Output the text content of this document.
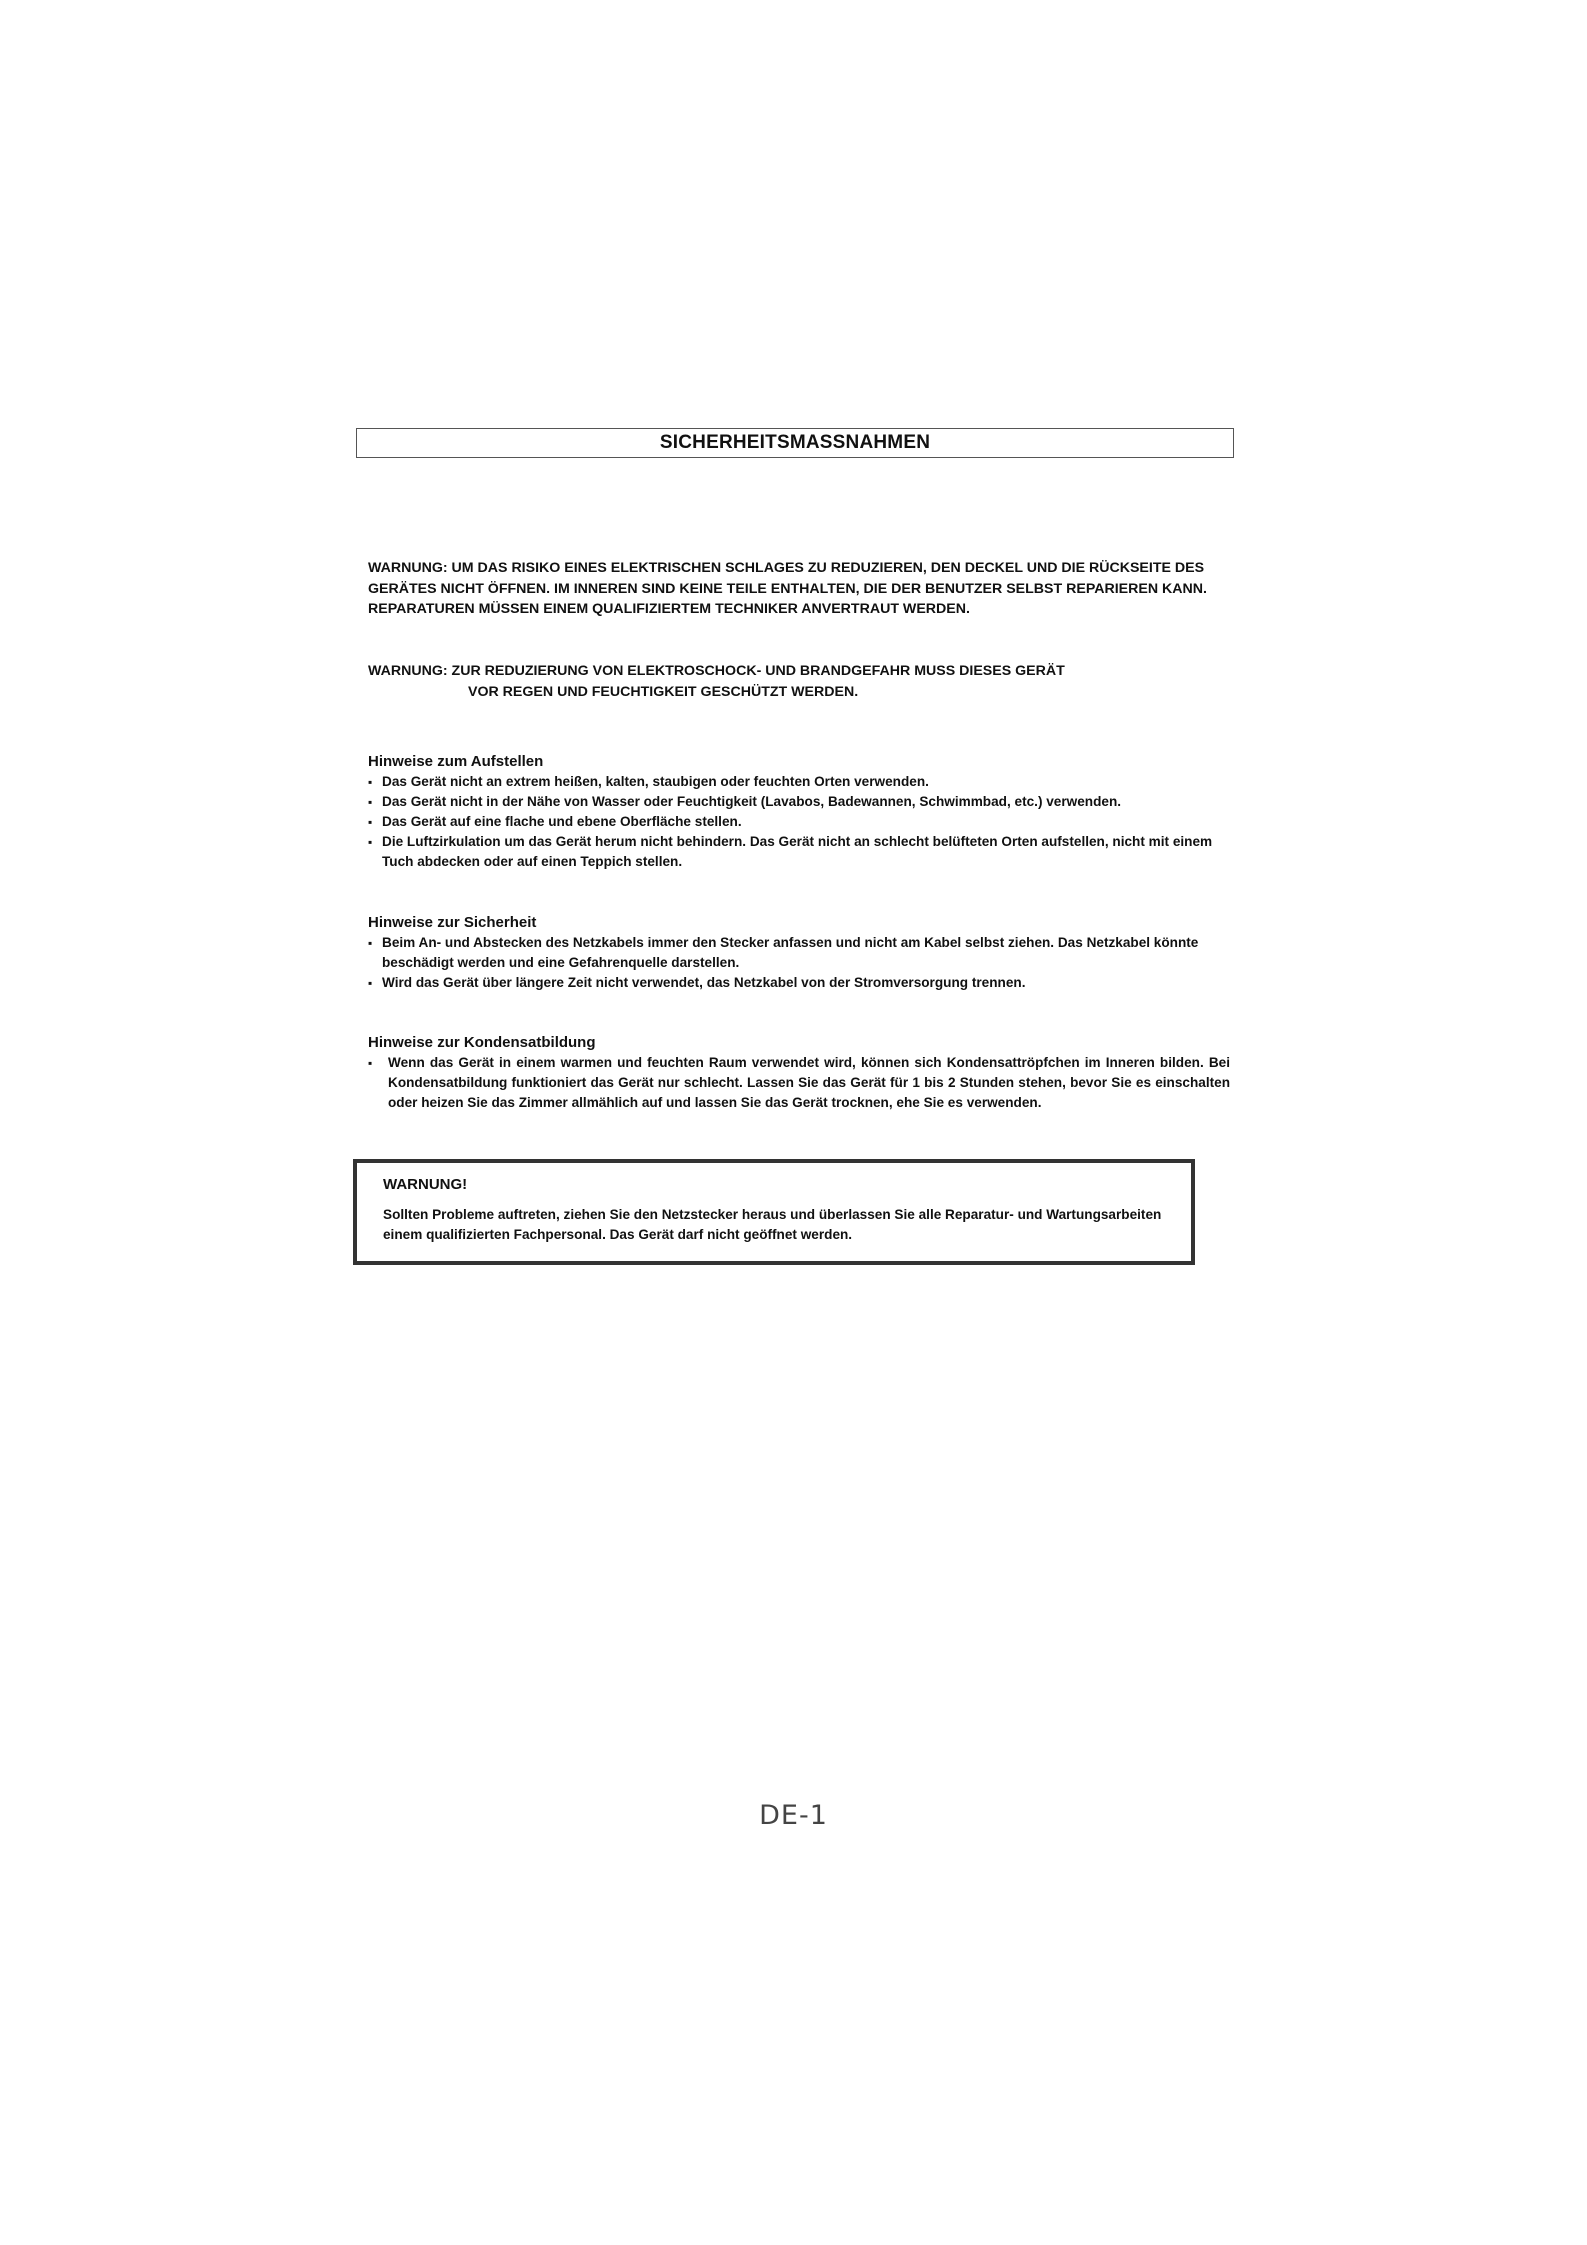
SICHERHEITSMASSNAHMEN
WARNUNG: UM DAS RISIKO EINES ELEKTRISCHEN SCHLAGES ZU REDUZIEREN, DEN DECKEL UND DIE RÜCKSEITE DES GERÄTES NICHT ÖFFNEN. IM INNEREN SIND KEINE TEILE ENTHALTEN, DIE DER BENUTZER SELBST REPARIEREN KANN. REPARATUREN MÜSSEN EINEM QUALIFIZIERTEM TECHNIKER ANVERTRAUT WERDEN.
WARNUNG: ZUR REDUZIERUNG VON ELEKTROSCHOCK- UND BRANDGEFAHR MUSS DIESES GERÄT
VOR REGEN UND FEUCHTIGKEIT GESCHÜTZT WERDEN.
Hinweise zum Aufstellen
▪ Das Gerät nicht an extrem heißen, kalten, staubigen oder feuchten Orten verwenden.
▪ Das Gerät nicht in der Nähe von Wasser oder Feuchtigkeit (Lavabos, Badewannen, Schwimmbad, etc.) verwenden.
▪ Das Gerät auf eine flache und ebene Oberfläche stellen.
▪ Die Luftzirkulation um das Gerät herum nicht behindern. Das Gerät nicht an schlecht belüfteten Orten aufstellen, nicht mit einem Tuch abdecken oder auf einen Teppich stellen.
Hinweise zur Sicherheit
▪ Beim An- und Abstecken des Netzkabels immer den Stecker anfassen und nicht am Kabel selbst ziehen. Das Netzkabel könnte beschädigt werden und eine Gefahrenquelle darstellen.
▪ Wird das Gerät über längere Zeit nicht verwendet, das Netzkabel von der Stromversorgung trennen.
Hinweise zur Kondensatbildung
▪ Wenn das Gerät in einem warmen und feuchten Raum verwendet wird, können sich Kondensattröpfchen im Inneren bilden. Bei Kondensatbildung funktioniert das Gerät nur schlecht. Lassen Sie das Gerät für 1 bis 2 Stunden stehen, bevor Sie es einschalten oder heizen Sie das Zimmer allmählich auf und lassen Sie das Gerät trocknen, ehe Sie es verwenden.
WARNUNG!

Sollten Probleme auftreten, ziehen Sie den Netzstecker heraus und überlassen Sie alle Reparatur- und Wartungsarbeiten einem qualifizierten Fachpersonal. Das Gerät darf nicht geöffnet werden.

DE-1
